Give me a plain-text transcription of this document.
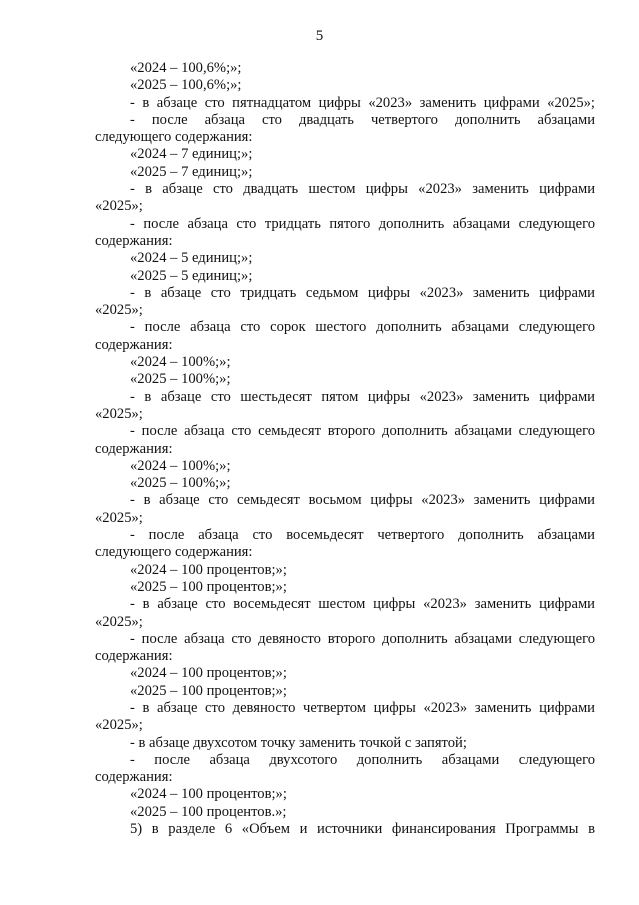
5

«2024 – 100,6%;»;

«2025 – 100,6%;»;

- в абзаце сто пятнадцатом цифры «2023» заменить цифрами «2025»;

- после абзаца сто двадцать четвертого дополнить абзацами

следующего содержания:

«2024 – 7 единиц;»;

«2025 – 7 единиц;»;

- в абзаце сто двадцать шестом цифры «2023» заменить цифрами

«2025»;

- после абзаца сто тридцать пятого дополнить абзацами следующего

содержания:

«2024 – 5 единиц;»;

«2025 – 5 единиц;»;

- в абзаце сто тридцать седьмом цифры «2023» заменить цифрами

«2025»;

- после абзаца сто сорок шестого дополнить абзацами следующего

содержания:

«2024 – 100%;»;

«2025 – 100%;»;

- в абзаце сто шестьдесят пятом цифры «2023» заменить цифрами

«2025»;

- после абзаца сто семьдесят второго дополнить абзацами следующего

содержания:

«2024 – 100%;»;

«2025 – 100%;»;

- в абзаце сто семьдесят восьмом цифры «2023» заменить цифрами

«2025»;

- после абзаца сто восемьдесят четвертого дополнить абзацами

следующего содержания:

«2024 – 100 процентов;»;

«2025 – 100 процентов;»;

- в абзаце сто восемьдесят шестом цифры «2023» заменить цифрами

«2025»;

- после абзаца сто девяносто второго дополнить абзацами следующего

содержания:

«2024 – 100 процентов;»;

«2025 – 100 процентов;»;

- в абзаце сто девяносто четвертом цифры «2023» заменить цифрами

«2025»;

- в абзаце двухсотом точку заменить точкой с запятой;

- после абзаца двухсотого дополнить абзацами следующего

содержания:

«2024 – 100 процентов;»;

«2025 – 100 процентов.»;

5) в разделе 6 «Объем и источники финансирования Программы в
